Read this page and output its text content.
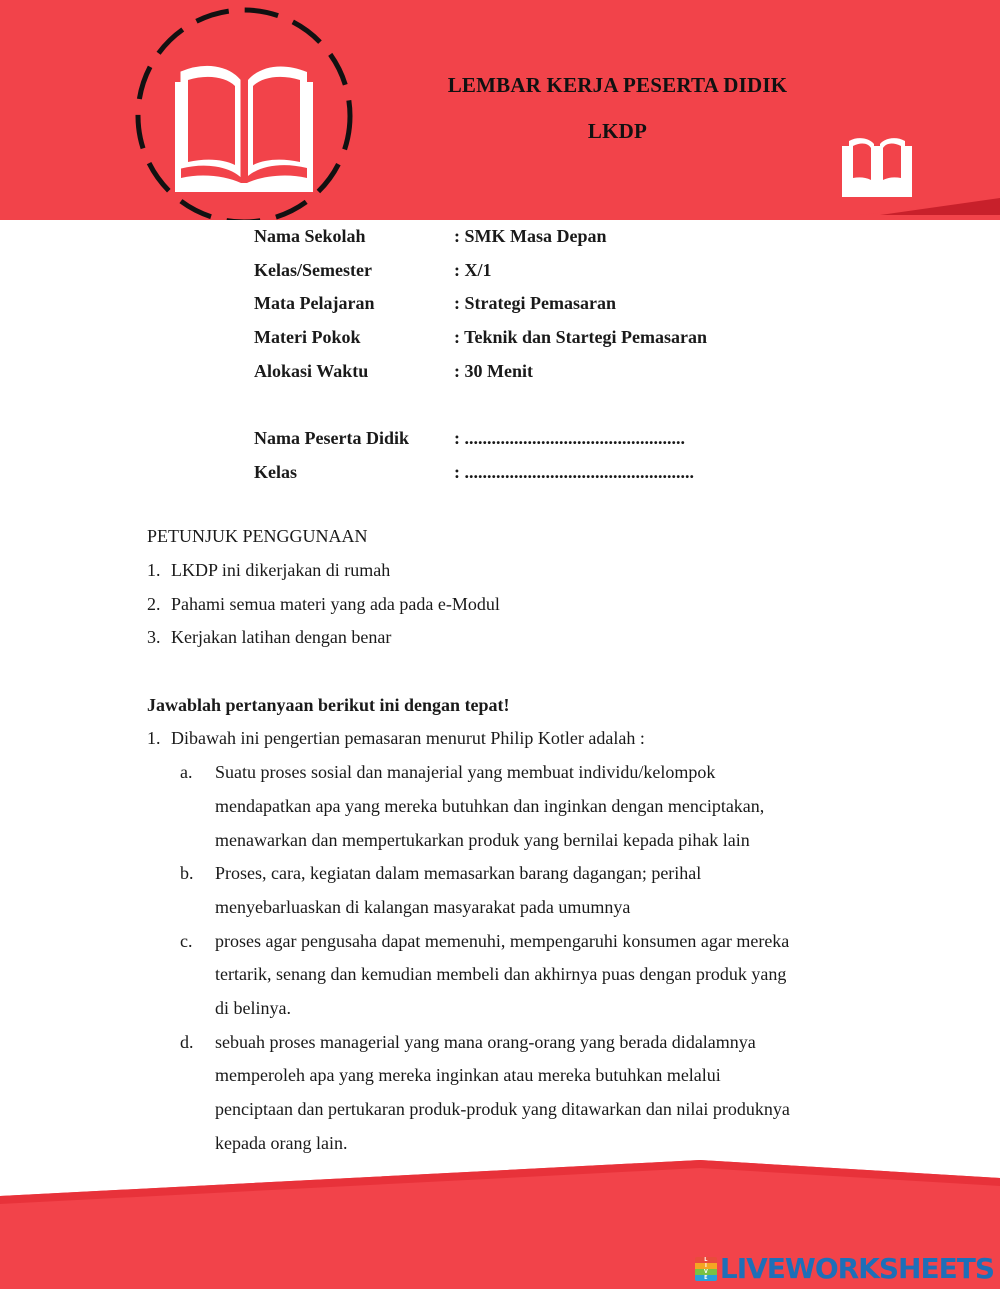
LEMBAR KERJA PESERTA DIDIK
LKDP
Nama Sekolah	: SMK Masa Depan
Kelas/Semester	: X/1
Mata Pelajaran	: Strategi Pemasaran
Materi Pokok	: Teknik dan Startegi Pemasaran
Alokasi Waktu	: 30 Menit
Nama Peserta Didik	: .................................................
Kelas	: ...................................................
PETUNJUK PENGGUNAAN
1. LKDP ini dikerjakan di rumah
2. Pahami semua materi yang ada pada e-Modul
3. Kerjakan latihan dengan benar
Jawablah pertanyaan berikut ini dengan tepat!
1. Dibawah ini pengertian pemasaran menurut Philip Kotler adalah :
a.	Suatu proses sosial dan manajerial yang membuat individu/kelompok
mendapatkan apa yang mereka butuhkan dan inginkan dengan menciptakan,
menawarkan dan mempertukarkan produk yang bernilai kepada pihak lain
b.	Proses, cara, kegiatan dalam memasarkan barang dagangan; perihal
menyebarluaskan di kalangan masyarakat pada umumnya
c.	proses agar pengusaha dapat memenuhi, mempengaruhi konsumen agar mereka
tertarik, senang dan kemudian membeli dan akhirnya puas dengan produk yang
di belinya.
d.	sebuah proses managerial yang mana orang-orang yang berada didalamnya
memperoleh apa yang mereka inginkan atau mereka butuhkan melalui
penciptaan dan pertukaran produk-produk yang ditawarkan dan nilai produknya
kepada orang lain.
L
I
V
E LIVEWORKSHEETS
